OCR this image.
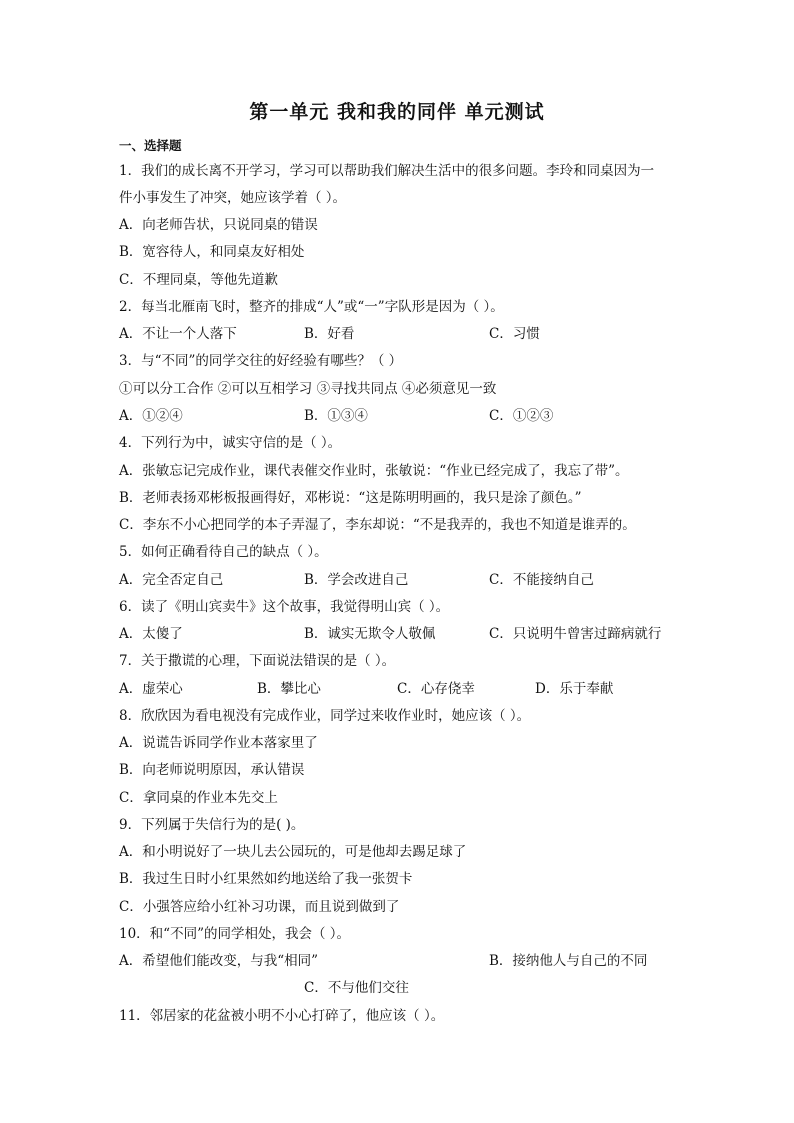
第一单元 我和我的同伴 单元测试
一、选择题
1．我们的成长离不开学习，学习可以帮助我们解决生活中的很多问题。李玲和同桌因为一
件小事发生了冲突，她应该学着（ ）。
A．向老师告状，只说同桌的错误
B．宽容待人，和同桌友好相处
C．不理同桌，等他先道歉
2．每当北雁南飞时，整齐的排成“人”或“一”字队形是因为（ ）。
A．不让一个人落下	B．好看	C．习惯
3．与“不同”的同学交往的好经验有哪些？（ ）
①可以分工合作 ②可以互相学习 ③寻找共同点 ④必须意见一致
A．①②④	B．①③④	C．①②③
4．下列行为中，诚实守信的是（ ）。
A．张敏忘记完成作业，课代表催交作业时，张敏说：“作业已经完成了，我忘了带”。
B．老师表扬邓彬板报画得好，邓彬说：“这是陈明明画的，我只是涂了颜色。”
C．李东不小心把同学的本子弄湿了，李东却说：“不是我弄的，我也不知道是谁弄的。
5．如何正确看待自己的缺点（ ）。
A．完全否定自己	B．学会改进自己	C．不能接纳自己
6．读了《明山宾卖牛》这个故事，我觉得明山宾（ ）。
A．太傻了	B．诚实无欺令人敬佩	C．只说明牛曾害过蹄病就行
7．关于撒谎的心理，下面说法错误的是（ ）。
A．虚荣心	B．攀比心	C．心存侥幸	D．乐于奉献
8．欣欣因为看电视没有完成作业，同学过来收作业时，她应该（ ）。
A．说谎告诉同学作业本落家里了
B．向老师说明原因，承认错误
C．拿同桌的作业本先交上
9．下列属于失信行为的是( )。
A．和小明说好了一块儿去公园玩的，可是他却去踢足球了
B．我过生日时小红果然如约地送给了我一张贺卡
C．小强答应给小红补习功课，而且说到做到了
10．和“不同”的同学相处，我会（ ）。
A．希望他们能改变，与我“相同”	B．接纳他人与自己的不同
C．不与他们交往
11．邻居家的花盆被小明不小心打碎了，他应该（ ）。
